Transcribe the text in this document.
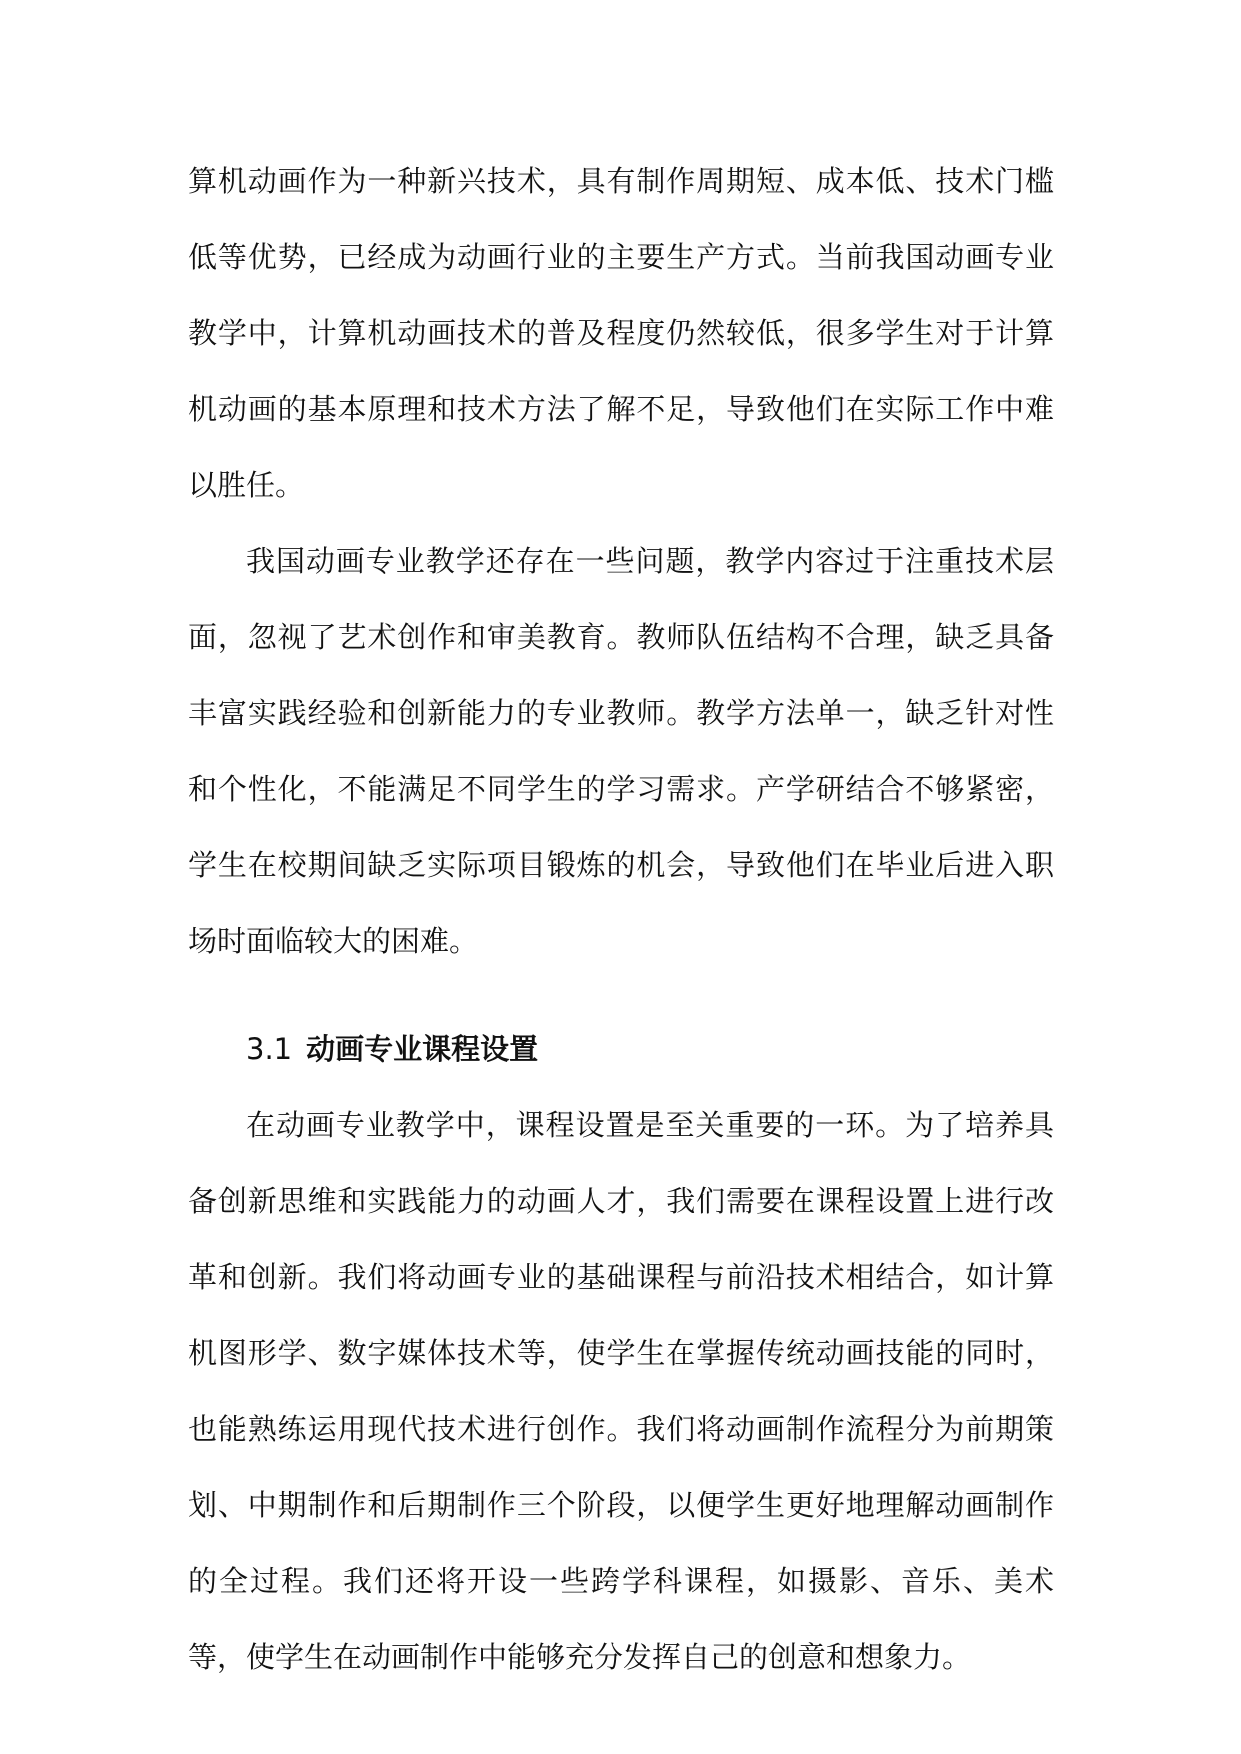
算机动画作为一种新兴技术，具有制作周期短、成本低、技术门槛低等优势，已经成为动画行业的主要生产方式。当前我国动画专业教学中，计算机动画技术的普及程度仍然较低，很多学生对于计算机动画的基本原理和技术方法了解不足，导致他们在实际工作中难以胜任。

我国动画专业教学还存在一些问题，教学内容过于注重技术层面，忽视了艺术创作和审美教育。教师队伍结构不合理，缺乏具备丰富实践经验和创新能力的专业教师。教学方法单一，缺乏针对性和个性化，不能满足不同学生的学习需求。产学研结合不够紧密，学生在校期间缺乏实际项目锻炼的机会，导致他们在毕业后进入职场时面临较大的困难。

3.1 动画专业课程设置

在动画专业教学中，课程设置是至关重要的一环。为了培养具备创新思维和实践能力的动画人才，我们需要在课程设置上进行改革和创新。我们将动画专业的基础课程与前沿技术相结合，如计算机图形学、数字媒体技术等，使学生在掌握传统动画技能的同时，也能熟练运用现代技术进行创作。我们将动画制作流程分为前期策划、中期制作和后期制作三个阶段，以便学生更好地理解动画制作的全过程。我们还将开设一些跨学科课程，如摄影、音乐、美术等，使学生在动画制作中能够充分发挥自己的创意和想象力。
